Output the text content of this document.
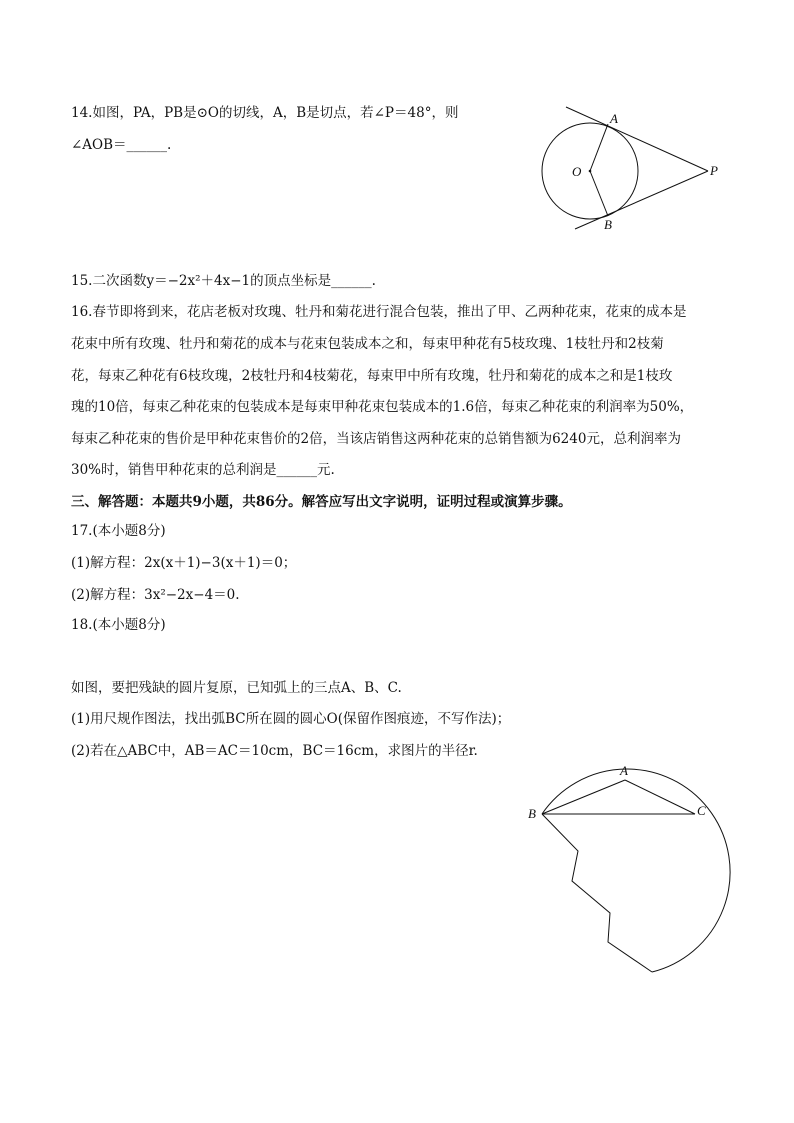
14.如图，PA，PB是⊙O的切线，A，B是切点，若∠P＝48°，则
∠AOB＝______.
A
O	P
B
15.二次函数y＝−2x²＋4x−1的顶点坐标是______.
16.春节即将到来，花店老板对玫瑰、牡丹和菊花进行混合包装，推出了甲、乙两种花束，花束的成本是
花束中所有玫瑰、牡丹和菊花的成本与花束包装成本之和，每束甲种花有5枝玫瑰、1枝牡丹和2枝菊
花，每束乙种花有6枝玫瑰，2枝牡丹和4枝菊花，每束甲中所有玫瑰，牡丹和菊花的成本之和是1枝玫
瑰的10倍，每束乙种花束的包装成本是每束甲种花束包装成本的1.6倍，每束乙种花束的利润率为50%，
每束乙种花束的售价是甲种花束售价的2倍，当该店销售这两种花束的总销售额为6240元，总利润率为
30%时，销售甲种花束的总利润是______元.
三、解答题：本题共9小题，共86分。解答应写出文字说明，证明过程或演算步骤。
17.(本小题8分)
(1)解方程：2x(x＋1)−3(x＋1)＝0；
(2)解方程：3x²−2x−4＝0.
18.(本小题8分)
如图，要把残缺的圆片复原，已知弧上的三点A、B、C.
(1)用尺规作图法，找出弧BC所在圆的圆心O(保留作图痕迹，不写作法)；
(2)若在△ABC中，AB＝AC＝10cm，BC＝16cm，求图片的半径r.
A
B	C
